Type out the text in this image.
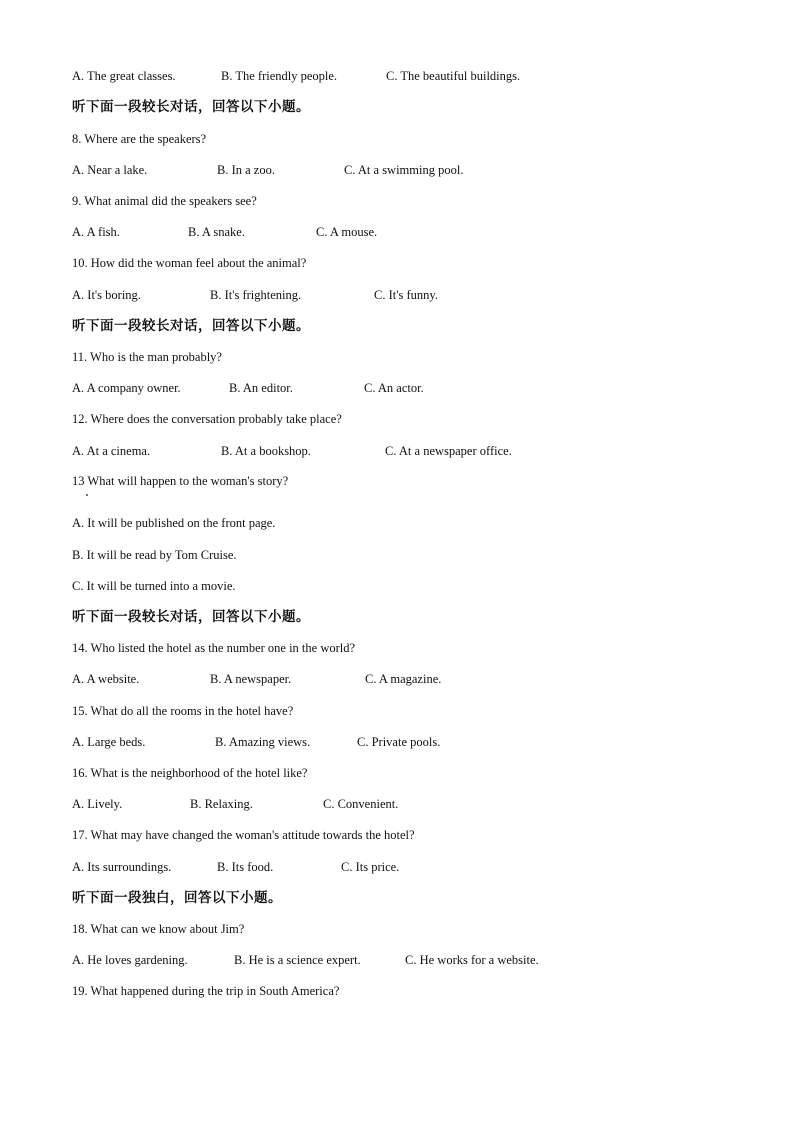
A. The great classes.	B. The friendly people.	C. The beautiful buildings.
听下面一段较长对话，回答以下小题。
8. Where are the speakers?
A. Near a lake.	B. In a zoo.	C. At a swimming pool.
9. What animal did the speakers see?
A. A fish.	B. A snake.	C. A mouse.
10. How did the woman feel about the animal?
A. It's boring.	B. It's frightening.	C. It's funny.
听下面一段较长对话，回答以下小题。
11. Who is the man probably?
A. A company owner.	B. An editor.	C. An actor.
12. Where does the conversation probably take place?
A. At a cinema.	B. At a bookshop.	C. At a newspaper office.
13 What will happen to the woman's story?
A. It will be published on the front page.
B. It will be read by Tom Cruise.
C. It will be turned into a movie.
听下面一段较长对话，回答以下小题。
14. Who listed the hotel as the number one in the world?
A. A website.	B. A newspaper.	C. A magazine.
15. What do all the rooms in the hotel have?
A. Large beds.	B. Amazing views.	C. Private pools.
16. What is the neighborhood of the hotel like?
A. Lively.	B. Relaxing.	C. Convenient.
17. What may have changed the woman's attitude towards the hotel?
A. Its surroundings.	B. Its food.	C. Its price.
听下面一段独白，回答以下小题。
18. What can we know about Jim?
A. He loves gardening.	B. He is a science expert.	C. He works for a website.
19. What happened during the trip in South America?
